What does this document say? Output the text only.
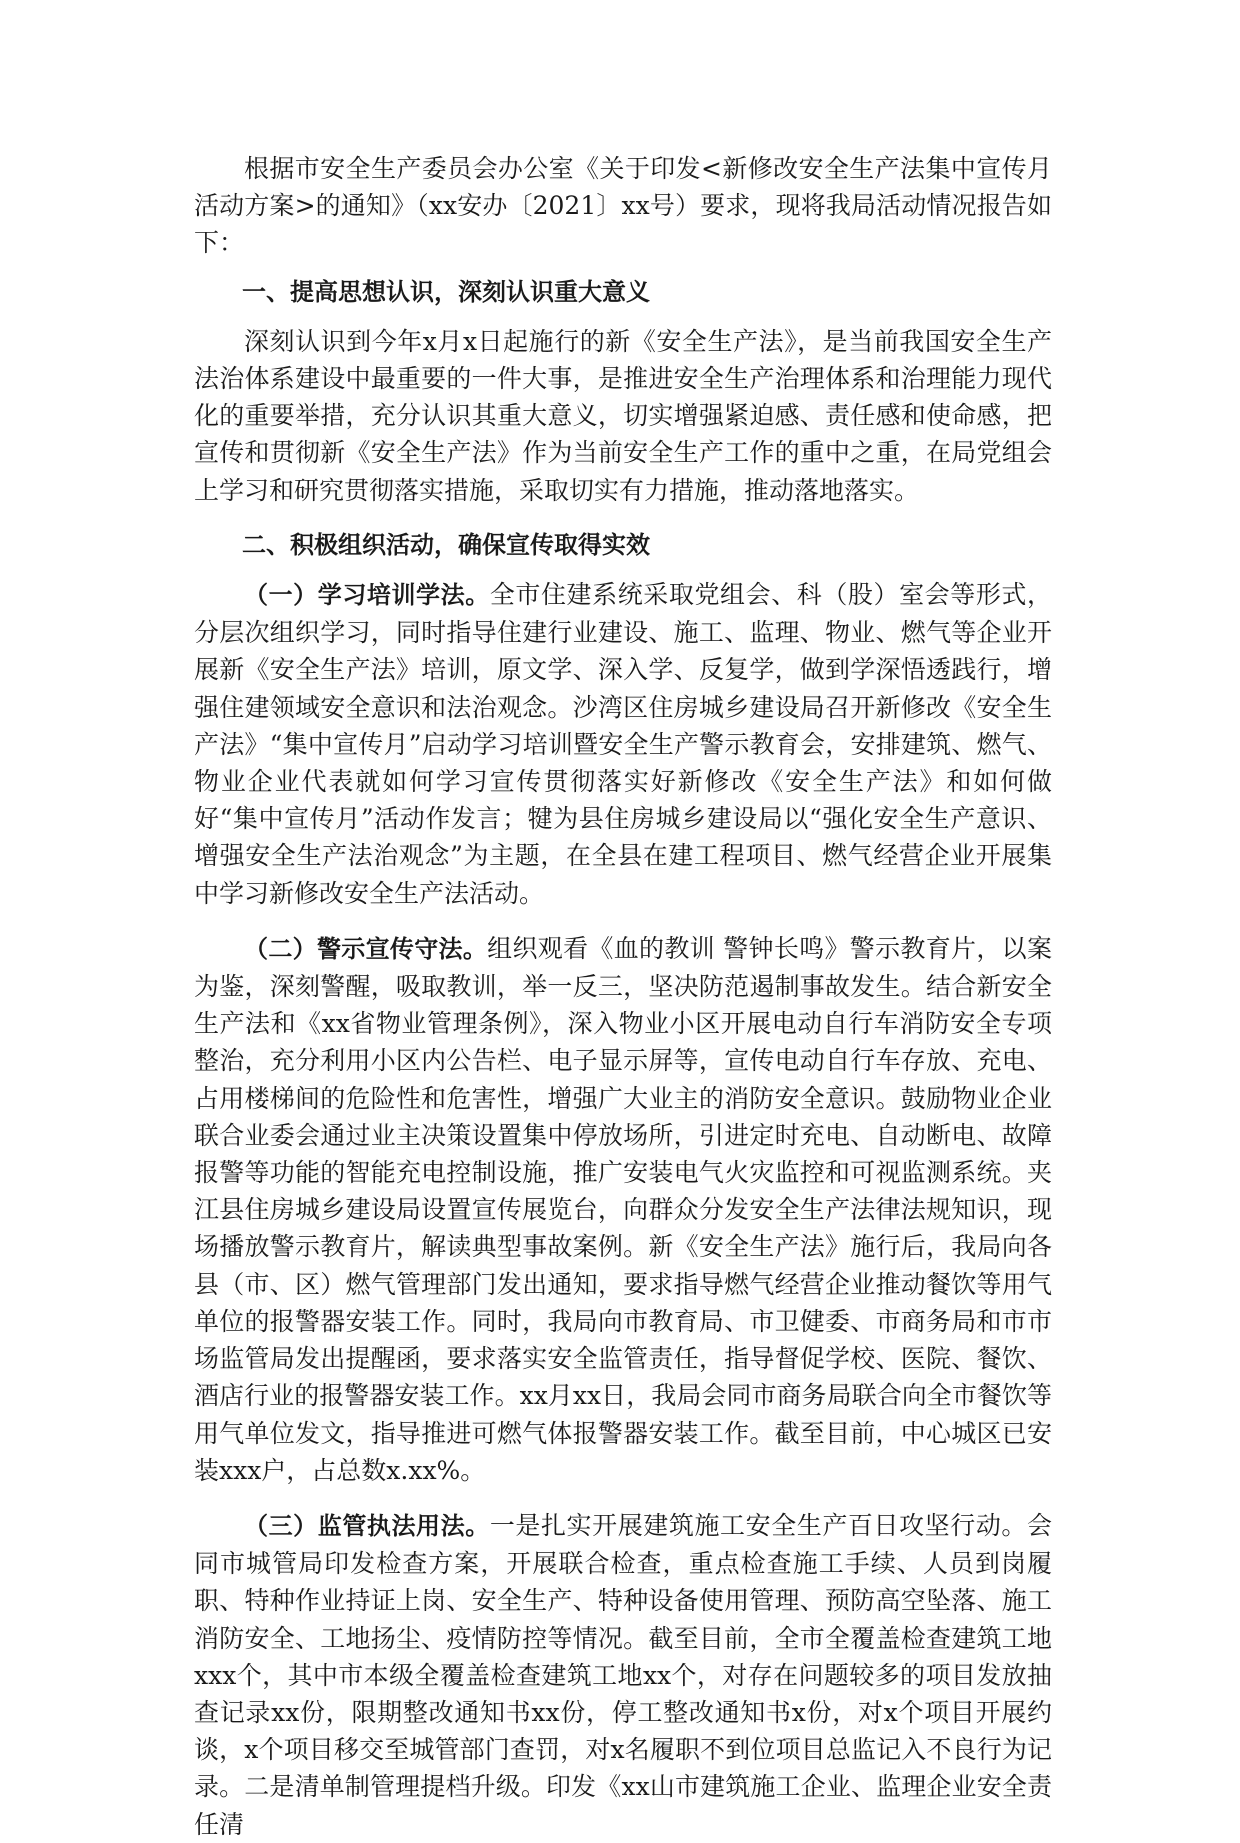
根据市安全生产委员会办公室《关于印发<新修改安全生产法集中宣传月活动方案>的通知》（xx安办〔2021〕xx号）要求，现将我局活动情况报告如下：

一、提高思想认识，深刻认识重大意义

深刻认识到今年x月x日起施行的新《安全生产法》，是当前我国安全生产法治体系建设中最重要的一件大事，是推进安全生产治理体系和治理能力现代化的重要举措，充分认识其重大意义，切实增强紧迫感、责任感和使命感，把宣传和贯彻新《安全生产法》作为当前安全生产工作的重中之重，在局党组会上学习和研究贯彻落实措施，采取切实有力措施，推动落地落实。

二、积极组织活动，确保宣传取得实效

（一）学习培训学法。全市住建系统采取党组会、科（股）室会等形式，分层次组织学习，同时指导住建行业建设、施工、监理、物业、燃气等企业开展新《安全生产法》培训，原文学、深入学、反复学，做到学深悟透践行，增强住建领域安全意识和法治观念。沙湾区住房城乡建设局召开新修改《安全生产法》“集中宣传月”启动学习培训暨安全生产警示教育会，安排建筑、燃气、物业企业代表就如何学习宣传贯彻落实好新修改《安全生产法》和如何做好“集中宣传月”活动作发言；犍为县住房城乡建设局以“强化安全生产意识、增强安全生产法治观念”为主题，在全县在建工程项目、燃气经营企业开展集中学习新修改安全生产法活动。

（二）警示宣传守法。组织观看《血的教训 警钟长鸣》警示教育片，以案为鉴，深刻警醒，吸取教训，举一反三，坚决防范遏制事故发生。结合新安全生产法和《xx省物业管理条例》，深入物业小区开展电动自行车消防安全专项整治，充分利用小区内公告栏、电子显示屏等，宣传电动自行车存放、充电、占用楼梯间的危险性和危害性，增强广大业主的消防安全意识。鼓励物业企业联合业委会通过业主决策设置集中停放场所，引进定时充电、自动断电、故障报警等功能的智能充电控制设施，推广安装电气火灾监控和可视监测系统。夹江县住房城乡建设局设置宣传展览台，向群众分发安全生产法律法规知识，现场播放警示教育片，解读典型事故案例。新《安全生产法》施行后，我局向各县（市、区）燃气管理部门发出通知，要求指导燃气经营企业推动餐饮等用气单位的报警器安装工作。同时，我局向市教育局、市卫健委、市商务局和市市场监管局发出提醒函，要求落实安全监管责任，指导督促学校、医院、餐饮、酒店行业的报警器安装工作。xx月xx日，我局会同市商务局联合向全市餐饮等用气单位发文，指导推进可燃气体报警器安装工作。截至目前，中心城区已安装xxx户，占总数x.xx%。

（三）监管执法用法。一是扎实开展建筑施工安全生产百日攻坚行动。会同市城管局印发检查方案，开展联合检查，重点检查施工手续、人员到岗履职、特种作业持证上岗、安全生产、特种设备使用管理、预防高空坠落、施工消防安全、工地扬尘、疫情防控等情况。截至目前，全市全覆盖检查建筑工地xxx个，其中市本级全覆盖检查建筑工地xx个，对存在问题较多的项目发放抽查记录xx份，限期整改通知书xx份，停工整改通知书x份，对x个项目开展约谈，x个项目移交至城管部门查罚，对x名履职不到位项目总监记入不良行为记录。二是清单制管理提档升级。印发《xx山市建筑施工企业、监理企业安全责任清
